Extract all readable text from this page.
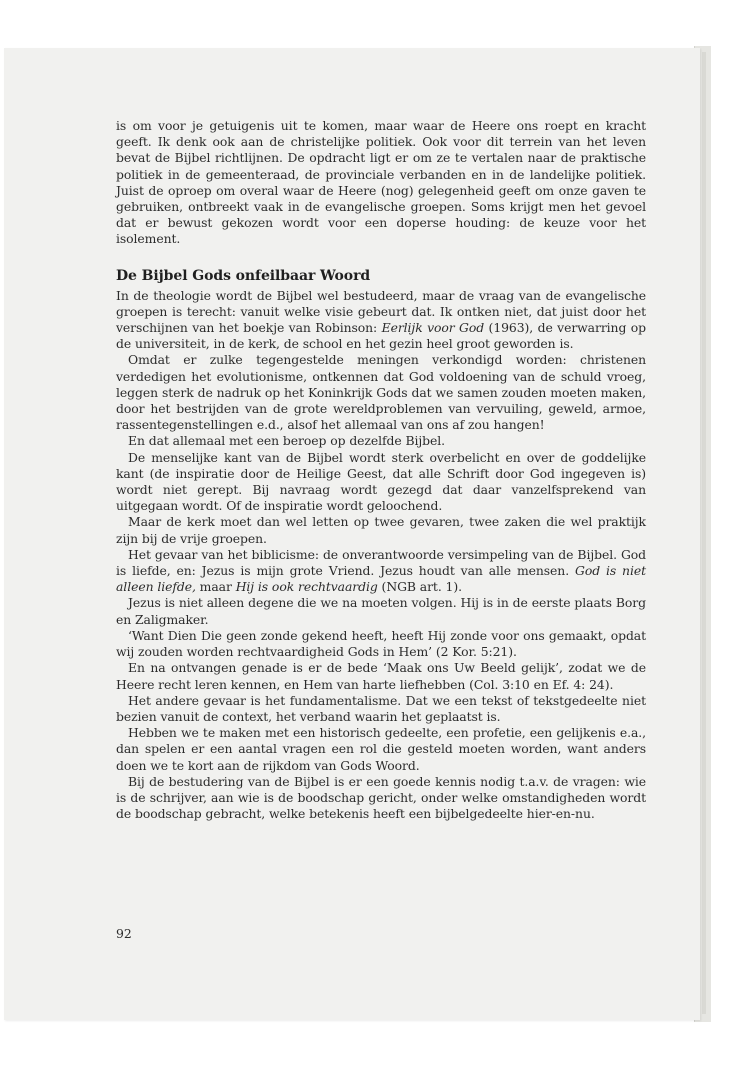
is om voor je getuigenis uit te komen, maar waar de Heere ons roept en kracht geeft. Ik denk ook aan de christelijke politiek. Ook voor dit terrein van het leven bevat de Bijbel richtlijnen. De opdracht ligt er om ze te vertalen naar de praktische politiek in de gemeenteraad, de provinciale verbanden en in de landelijke politiek. Juist de oproep om overal waar de Heere (nog) gelegenheid geeft om onze gaven te gebruiken, ontbreekt vaak in de evangelische groepen. Soms krijgt men het gevoel dat er bewust gekozen wordt voor een doperse houding: de keuze voor het isolement.

De Bijbel Gods onfeilbaar Woord

In de theologie wordt de Bijbel wel bestudeerd, maar de vraag van de evangelische groepen is terecht: vanuit welke visie gebeurt dat. Ik ontken niet, dat juist door het verschijnen van het boekje van Robinson: Eerlijk voor God (1963), de verwarring op de universiteit, in de kerk, de school en het gezin heel groot geworden is.

Omdat er zulke tegengestelde meningen verkondigd worden: christenen verdedigen het evolutionisme, ontkennen dat God voldoening van de schuld vroeg, leggen sterk de nadruk op het Koninkrijk Gods dat we samen zouden moeten maken, door het bestrijden van de grote wereldproblemen van vervuiling, geweld, armoe, rassentegenstellingen e.d., alsof het allemaal van ons af zou hangen!

En dat allemaal met een beroep op dezelfde Bijbel.

De menselijke kant van de Bijbel wordt sterk overbelicht en over de goddelijke kant (de inspiratie door de Heilige Geest, dat alle Schrift door God ingegeven is) wordt niet gerept. Bij navraag wordt gezegd dat daar vanzelfsprekend van uitgegaan wordt. Of de inspiratie wordt geloochend.

Maar de kerk moet dan wel letten op twee gevaren, twee zaken die wel praktijk zijn bij de vrije groepen.

Het gevaar van het biblicisme: de onverantwoorde versimpeling van de Bijbel. God is liefde, en: Jezus is mijn grote Vriend. Jezus houdt van alle mensen. God is niet alleen liefde, maar Hij is ook rechtvaardig (NGB art. 1).

Jezus is niet alleen degene die we na moeten volgen. Hij is in de eerste plaats Borg en Zaligmaker.

‘Want Dien Die geen zonde gekend heeft, heeft Hij zonde voor ons gemaakt, opdat wij zouden worden rechtvaardigheid Gods in Hem’ (2 Kor. 5:21).

En na ontvangen genade is er de bede ‘Maak ons Uw Beeld gelijk’, zodat we de Heere recht leren kennen, en Hem van harte liefhebben (Col. 3:10 en Ef. 4: 24).

Het andere gevaar is het fundamentalisme. Dat we een tekst of tekstgedeelte niet bezien vanuit de context, het verband waarin het geplaatst is.

Hebben we te maken met een historisch gedeelte, een profetie, een gelijkenis e.a., dan spelen er een aantal vragen een rol die gesteld moeten worden, want anders doen we te kort aan de rijkdom van Gods Woord.

Bij de bestudering van de Bijbel is er een goede kennis nodig t.a.v. de vragen: wie is de schrijver, aan wie is de boodschap gericht, onder welke omstandigheden wordt de boodschap gebracht, welke betekenis heeft een bijbelgedeelte hier-en-nu.

92
